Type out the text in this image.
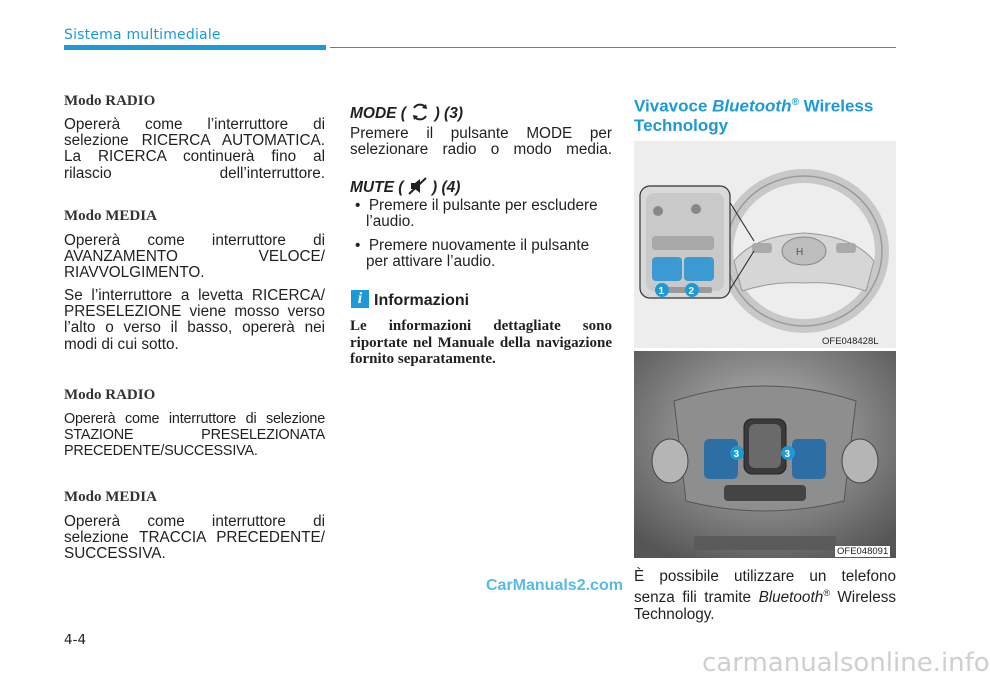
Sistema multimediale
Modo RADIO
Opererà come l’interruttore di selezione RICERCA AUTOMATICA. La RICERCA continuerà fino al rilascio dell’interruttore.
Modo MEDIA
Opererà come interruttore di AVANZAMENTO VELOCE/ RIAVVOLGIMENTO.
Se l’interruttore a levetta RICERCA/ PRESELEZIONE viene mosso verso l’alto o verso il basso, opererà nei modi di cui sotto.
Modo RADIO
Opererà come interruttore di selezione STAZIONE PRESELEZIONATA PRECEDENTE/SUCCESSIVA.
Modo MEDIA
Opererà come interruttore di selezione TRACCIA PRECEDENTE/ SUCCESSIVA.
MODE ( ) (3)
Premere il pulsante MODE per selezionare radio o modo media.
MUTE ( ) (4)
•  Premere il pulsante per escludere l’audio.
•  Premere nuovamente il pulsante per attivare l’audio.
i Informazioni
Le informazioni dettagliate sono riportate nel Manuale della navigazione fornito separatamente.
Vivavoce Bluetooth® Wireless Technology
H
1 2
OFE048428L
3	3
OFE048091
È possibile utilizzare un telefono senza fili tramite Bluetooth® Wireless Technology.
4-4
CarManuals2.com
carmanualsonline.info
